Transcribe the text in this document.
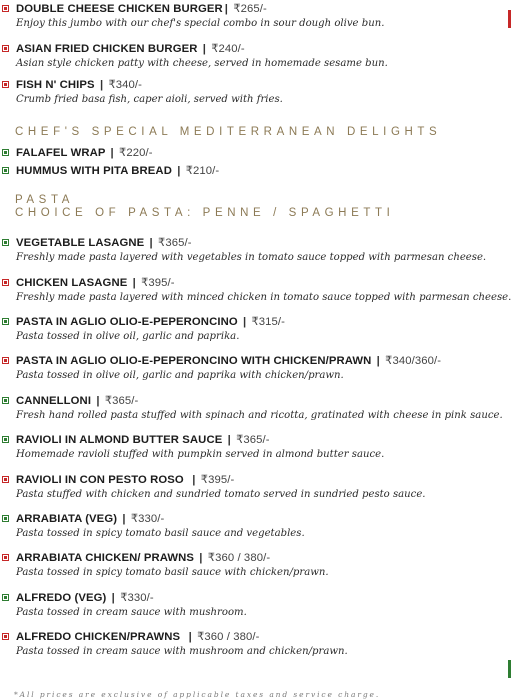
DOUBLE CHEESE CHICKEN BURGER | ₹265/-
Enjoy this jumbo with our chef's special combo in sour dough olive bun.
ASIAN FRIED CHICKEN BURGER | ₹240/-
Asian style chicken patty with cheese, served in homemade sesame bun.
FISH N' CHIPS | ₹340/-
Crumb fried basa fish, caper aioli, served with fries.
CHEF'S SPECIAL MEDITERRANEAN DELIGHTS
FALAFEL WRAP | ₹220/-
HUMMUS WITH PITA BREAD | ₹210/-
PASTA
CHOICE OF PASTA: PENNE / SPAGHETTI
VEGETABLE LASAGNE | ₹365/-
Freshly made pasta layered with vegetables in tomato sauce topped with parmesan cheese.
CHICKEN LASAGNE | ₹395/-
Freshly made pasta layered with minced chicken in tomato sauce topped with parmesan cheese.
PASTA IN AGLIO OLIO-E-PEPERONCINO | ₹315/-
Pasta tossed in olive oil, garlic and paprika.
PASTA IN AGLIO OLIO-E-PEPERONCINO WITH CHICKEN/PRAWN | ₹340/360/-
Pasta tossed in olive oil, garlic and paprika with chicken/prawn.
CANNELLONI | ₹365/-
Fresh hand rolled pasta stuffed with spinach and ricotta, gratinated with cheese in pink sauce.
RAVIOLI IN ALMOND BUTTER SAUCE | ₹365/-
Homemade ravioli stuffed with pumpkin served in almond butter sauce.
RAVIOLI IN CON PESTO ROSO | ₹395/-
Pasta stuffed with chicken and sundried tomato served in sundried pesto sauce.
ARRABIATA (VEG) | ₹330/-
Pasta tossed in spicy tomato basil sauce and vegetables.
ARRABIATA CHICKEN/ PRAWNS | ₹360 / 380/-
Pasta tossed in spicy tomato basil sauce with chicken/prawn.
ALFREDO (VEG) | ₹330/-
Pasta tossed in cream sauce with mushroom.
ALFREDO CHICKEN/PRAWNS | ₹360 / 380/-
Pasta tossed in cream sauce with mushroom and chicken/prawn.
*All prices are exclusive of applicable taxes and service charge.
